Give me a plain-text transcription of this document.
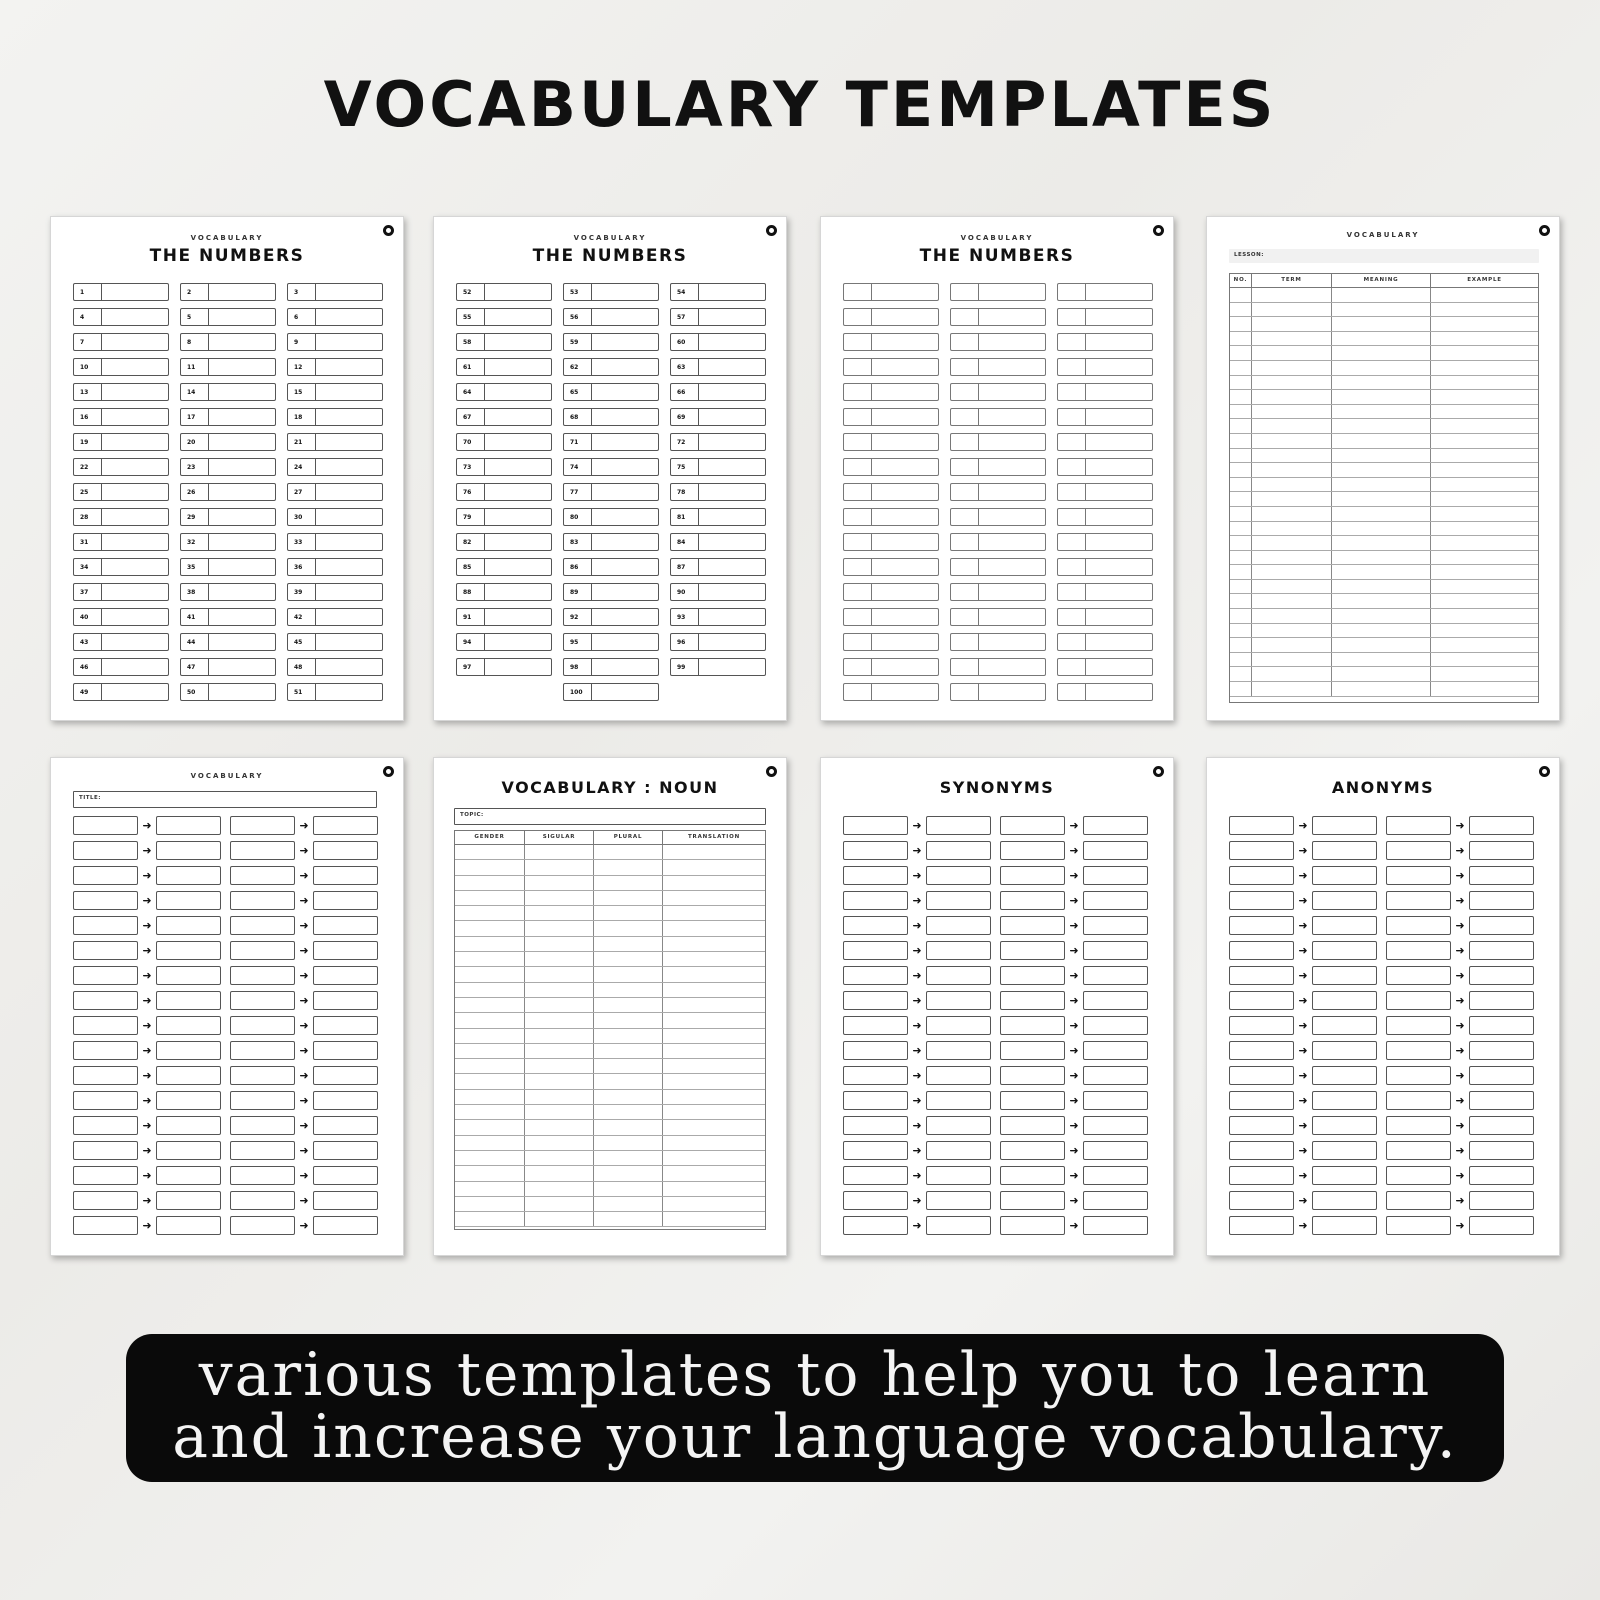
VOCABULARY TEMPLATES
VOCABULARY
THE NUMBERS
1	2	3
4	5	6
7	8	9
10	11	12
13	14	15
16	17	18
19	20	21
22	23	24
25	26	27
28	29	30
31	32	33
34	35	36
37	38	39
40	41	42
43	44	45
46	47	48
49	50	51
VOCABULARY
THE NUMBERS
52	53	54
55	56	57
58	59	60
61	62	63
64	65	66
67	68	69
70	71	72
73	74	75
76	77	78
79	80	81
82	83	84
85	86	87
88	89	90
91	92	93
94	95	96
97	98	99
100
VOCABULARY
THE NUMBERS
VOCABULARY
LESSON:
NO.	TERM	MEANING	EXAMPLE
VOCABULARY
TITLE:
➜	➜
➜	➜
➜	➜
➜	➜
➜	➜
➜	➜
➜	➜
➜	➜
➜	➜
➜	➜
➜	➜
➜	➜
➜	➜
➜	➜
➜	➜
➜	➜
➜	➜
VOCABULARY : NOUN
TOPIC:
GENDER	SIGULAR	PLURAL	TRANSLATION
SYNONYMS
➜	➜
➜	➜
➜	➜
➜	➜
➜	➜
➜	➜
➜	➜
➜	➜
➜	➜
➜	➜
➜	➜
➜	➜
➜	➜
➜	➜
➜	➜
➜	➜
➜	➜
ANONYMS
➜	➜
➜	➜
➜	➜
➜	➜
➜	➜
➜	➜
➜	➜
➜	➜
➜	➜
➜	➜
➜	➜
➜	➜
➜	➜
➜	➜
➜	➜
➜	➜
➜	➜
various templates to help you to learn
and increase your language vocabulary.
